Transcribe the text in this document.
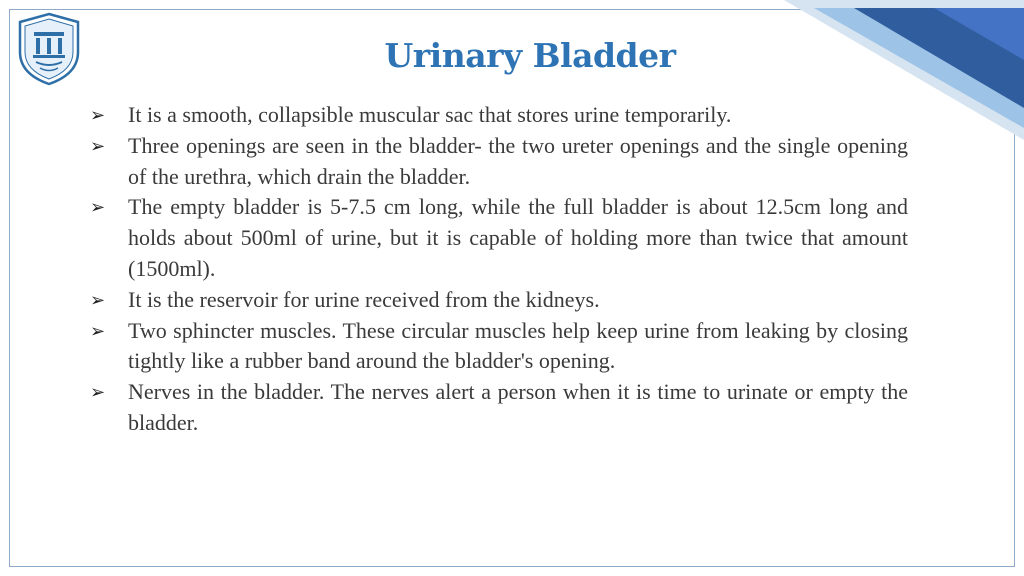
Urinary Bladder
➢ It is a smooth, collapsible muscular sac that stores urine temporarily.
➢ Three openings are seen in the bladder- the two ureter openings and the single opening of the urethra, which drain the bladder.
➢ The empty bladder is 5-7.5 cm long, while the full bladder is about 12.5cm long and holds about 500ml of urine, but it is capable of holding more than twice that amount (1500ml).
➢ It is the reservoir for urine received from the kidneys.
➢ Two sphincter muscles. These circular muscles help keep urine from leaking by closing tightly like a rubber band around the bladder's opening.
➢ Nerves in the bladder. The nerves alert a person when it is time to urinate or empty the bladder.
